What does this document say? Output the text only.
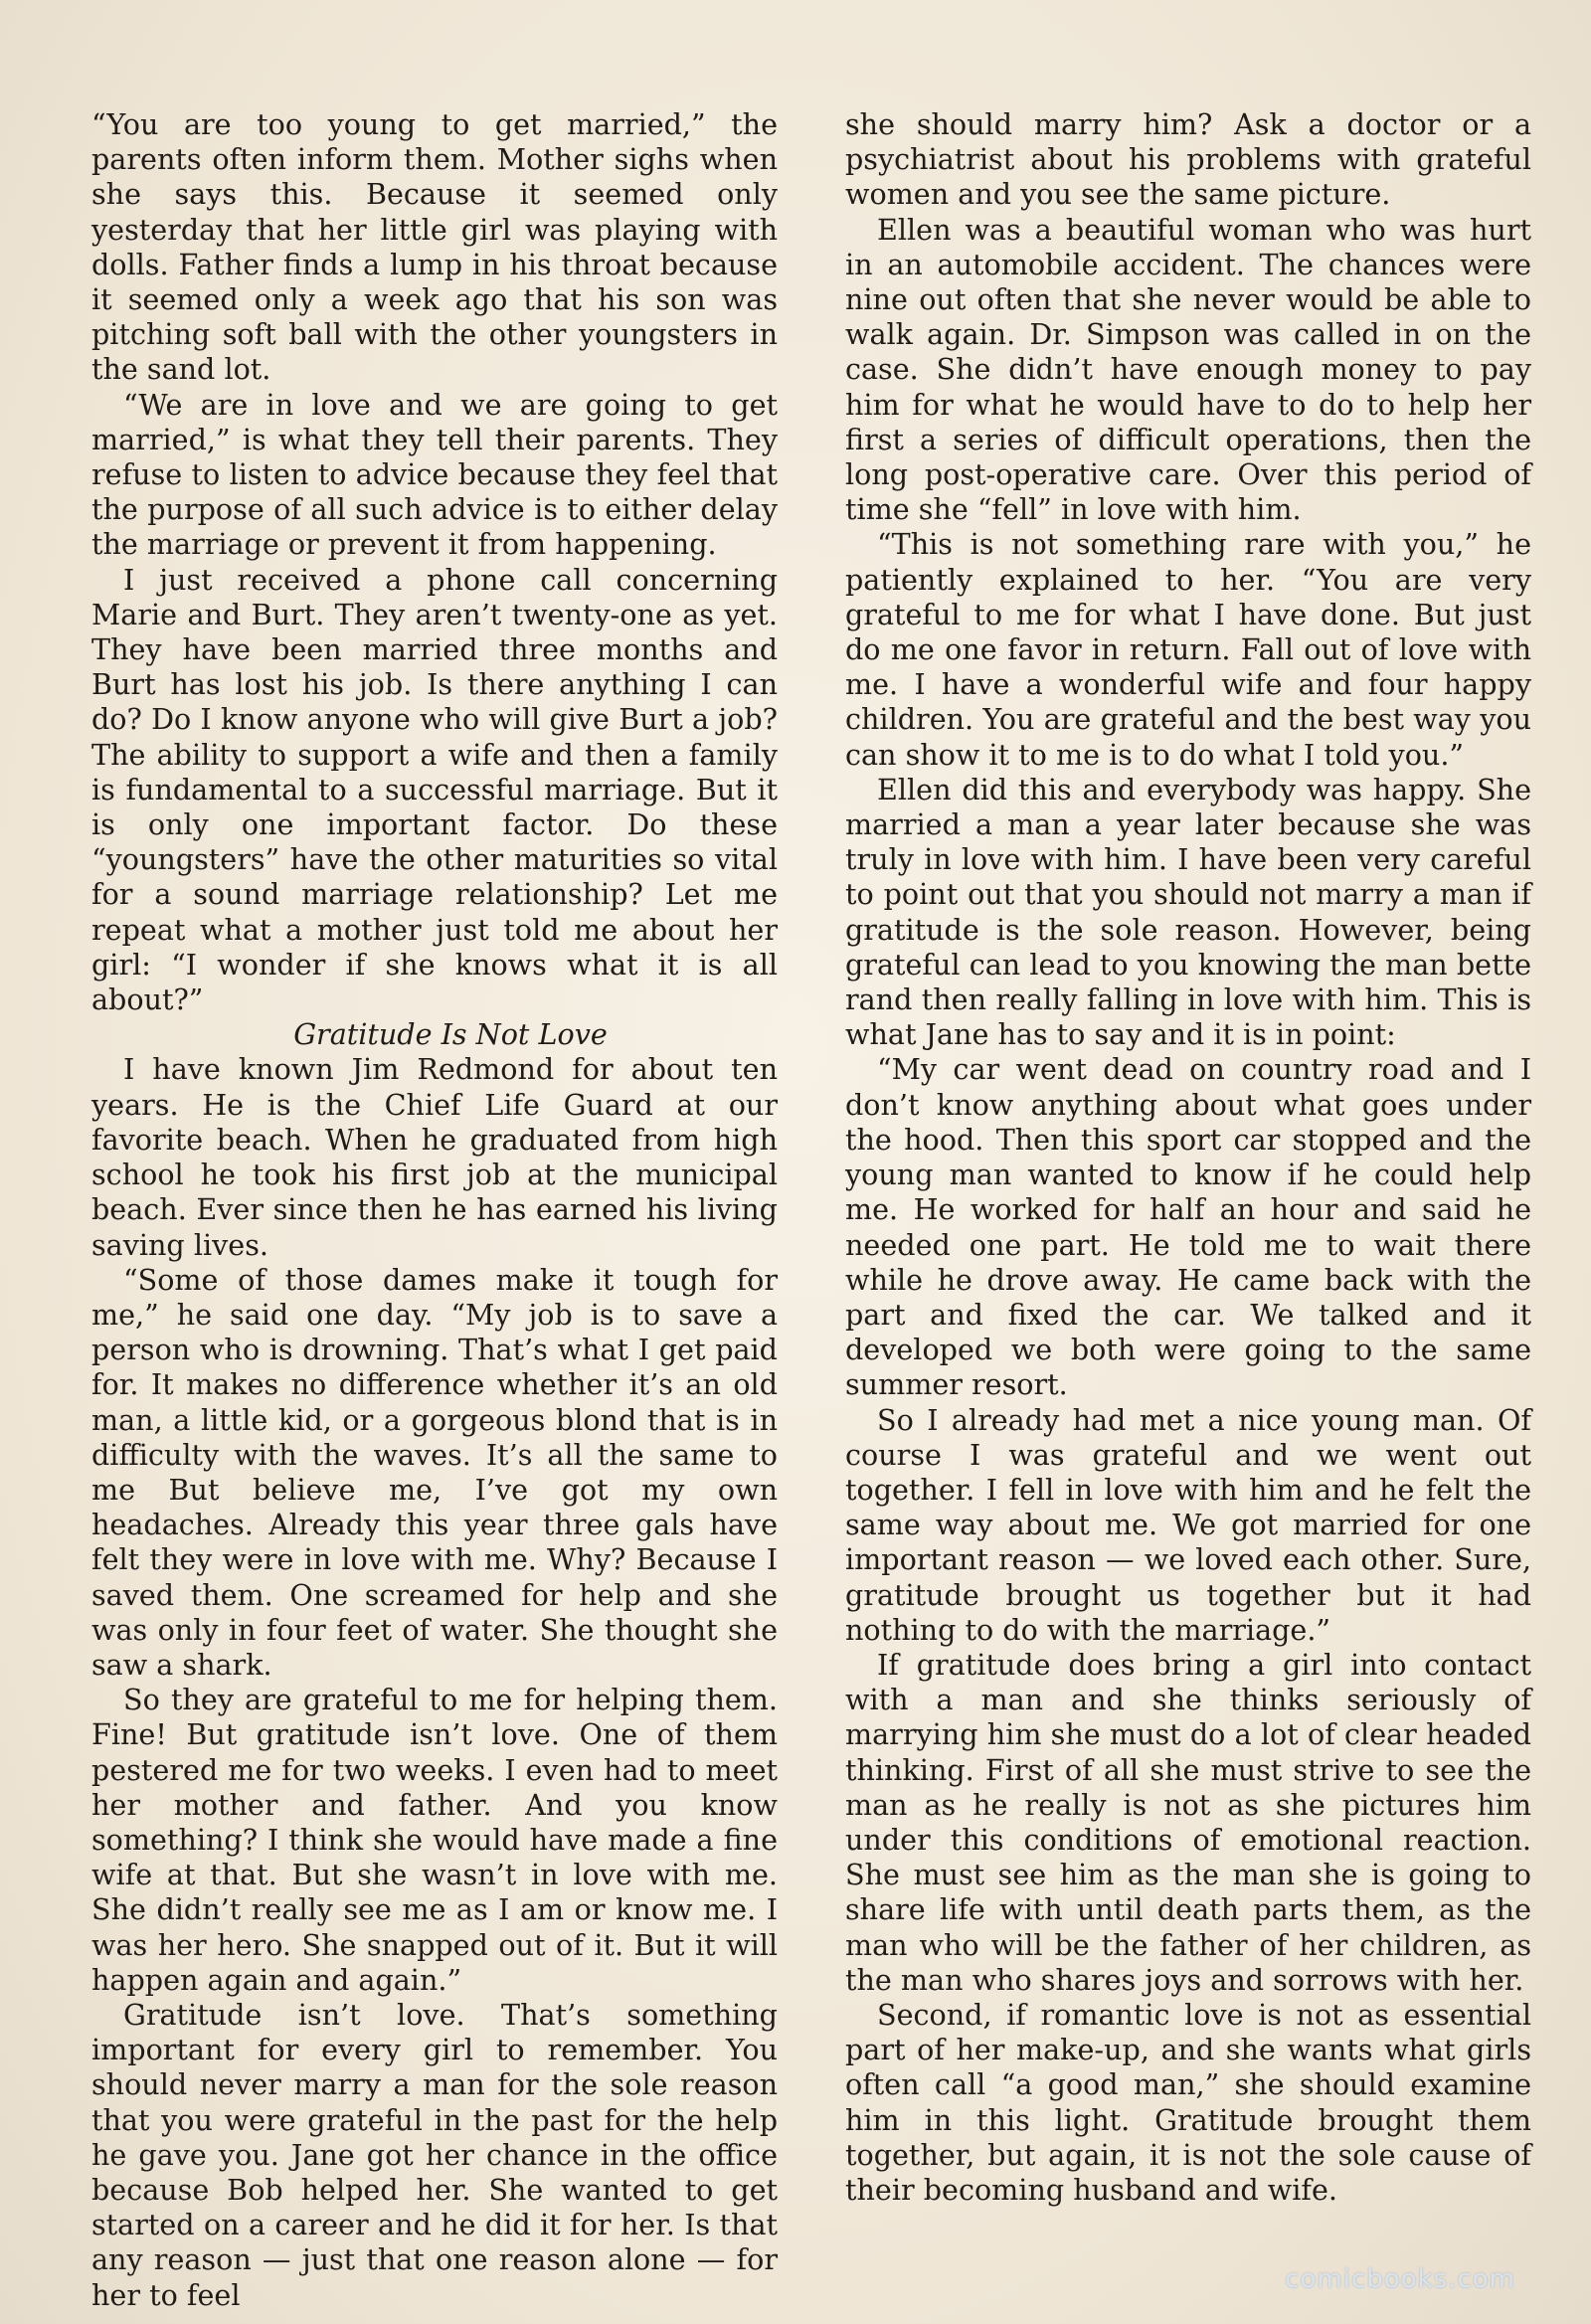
“You are too young to get married,” the parents often inform them. Mother sighs when she says this. Because it seemed only yesterday that her little girl was playing with dolls. Father finds a lump in his throat because it seemed only a week ago that his son was pitching soft ball with the other youngsters in the sand lot.

“We are in love and we are going to get married,” is what they tell their parents. They refuse to listen to advice because they feel that the purpose of all such advice is to either delay the marriage or prevent it from happening.

I just received a phone call concerning Marie and Burt. They aren’t twenty-one as yet. They have been married three months and Burt has lost his job. Is there anything I can do? Do I know anyone who will give Burt a job? The ability to support a wife and then a family is fundamental to a successful marriage. But it is only one important factor. Do these “youngsters” have the other maturities so vital for a sound marriage relationship? Let me repeat what a mother just told me about her girl: “I wonder if she knows what it is all about?”

Gratitude Is Not Love

I have known Jim Redmond for about ten years. He is the Chief Life Guard at our favorite beach. When he graduated from high school he took his first job at the municipal beach. Ever since then he has earned his living saving lives.

“Some of those dames make it tough for me,” he said one day. “My job is to save a person who is drowning. That’s what I get paid for. It makes no difference whether it’s an old man, a little kid, or a gorgeous blond that is in difficulty with the waves. It’s all the same to me But believe me, I’ve got my own headaches. Already this year three gals have felt they were in love with me. Why? Because I saved them. One screamed for help and she was only in four feet of water. She thought she saw a shark.

So they are grateful to me for helping them. Fine! But gratitude isn’t love. One of them pestered me for two weeks. I even had to meet her mother and father. And you know something? I think she would have made a fine wife at that. But she wasn’t in love with me. She didn’t really see me as I am or know me. I was her hero. She snapped out of it. But it will happen again and again.”

Gratitude isn’t love. That’s something important for every girl to remember. You should never marry a man for the sole reason that you were grateful in the past for the help he gave you. Jane got her chance in the office because Bob helped her. She wanted to get started on a career and he did it for her. Is that any reason — just that one reason alone — for her to feel

she should marry him? Ask a doctor or a psychiatrist about his problems with grateful women and you see the same picture.

Ellen was a beautiful woman who was hurt in an automobile accident. The chances were nine out often that she never would be able to walk again. Dr. Simpson was called in on the case. She didn’t have enough money to pay him for what he would have to do to help her first a series of difficult operations, then the long post-operative care. Over this period of time she “fell” in love with him.

“This is not something rare with you,” he patiently explained to her. “You are very grateful to me for what I have done. But just do me one favor in return. Fall out of love with me. I have a wonderful wife and four happy children. You are grateful and the best way you can show it to me is to do what I told you.”

Ellen did this and everybody was happy. She married a man a year later because she was truly in love with him. I have been very careful to point out that you should not marry a man if gratitude is the sole reason. However, being grateful can lead to you knowing the man bette rand then really falling in love with him. This is what Jane has to say and it is in point:

“My car went dead on country road and I don’t know anything about what goes under the hood. Then this sport car stopped and the young man wanted to know if he could help me. He worked for half an hour and said he needed one part. He told me to wait there while he drove away. He came back with the part and fixed the car. We talked and it developed we both were going to the same summer resort.

So I already had met a nice young man. Of course I was grateful and we went out together. I fell in love with him and he felt the same way about me. We got married for one important reason — we loved each other. Sure, gratitude brought us together but it had nothing to do with the marriage.”

If gratitude does bring a girl into contact with a man and she thinks seriously of marrying him she must do a lot of clear headed thinking. First of all she must strive to see the man as he really is not as she pictures him under this conditions of emotional reaction. She must see him as the man she is going to share life with until death parts them, as the man who will be the father of her children, as the man who shares joys and sorrows with her.

Second, if romantic love is not as essential part of her make-up, and she wants what girls often call “a good man,” she should examine him in this light. Gratitude brought them together, but again, it is not the sole cause of their becoming husband and wife.

comicbooks.com
